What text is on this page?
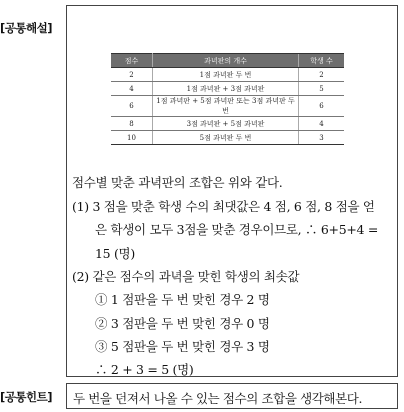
[공통해설]
[공통힌트]
점수	과녁판의 개수	학생 수
2	1점 과녁판 두 번	2
4	1점 과녁판 + 3점 과녁판	5
6	1점 과녁판 + 5점 과녁판 또는 3점 과녁판 두 번	6
8	3점 과녁판 + 5점 과녁판	4
10	5점 과녁판 두 번	3
점수별 맞춘 과녁판의 조합은 위와 같다.
(1) 3 점을 맞춘 학생 수의 최댓값은 4 점, 6 점, 8 점을 얻
은 학생이 모두 3점을 맞춘 경우이므로, ∴ 6+5+4 =
15 (명)
(2) 같은 점수의 과녁을 맞힌 학생의 최솟값
① 1 점판을 두 번 맞힌 경우 2 명
② 3 점판을 두 번 맞힌 경우 0 명
③ 5 점판을 두 번 맞힌 경우 3 명
∴ 2 + 3 = 5 (명)
두 번을 던져서 나올 수 있는 점수의 조합을 생각해본다.
